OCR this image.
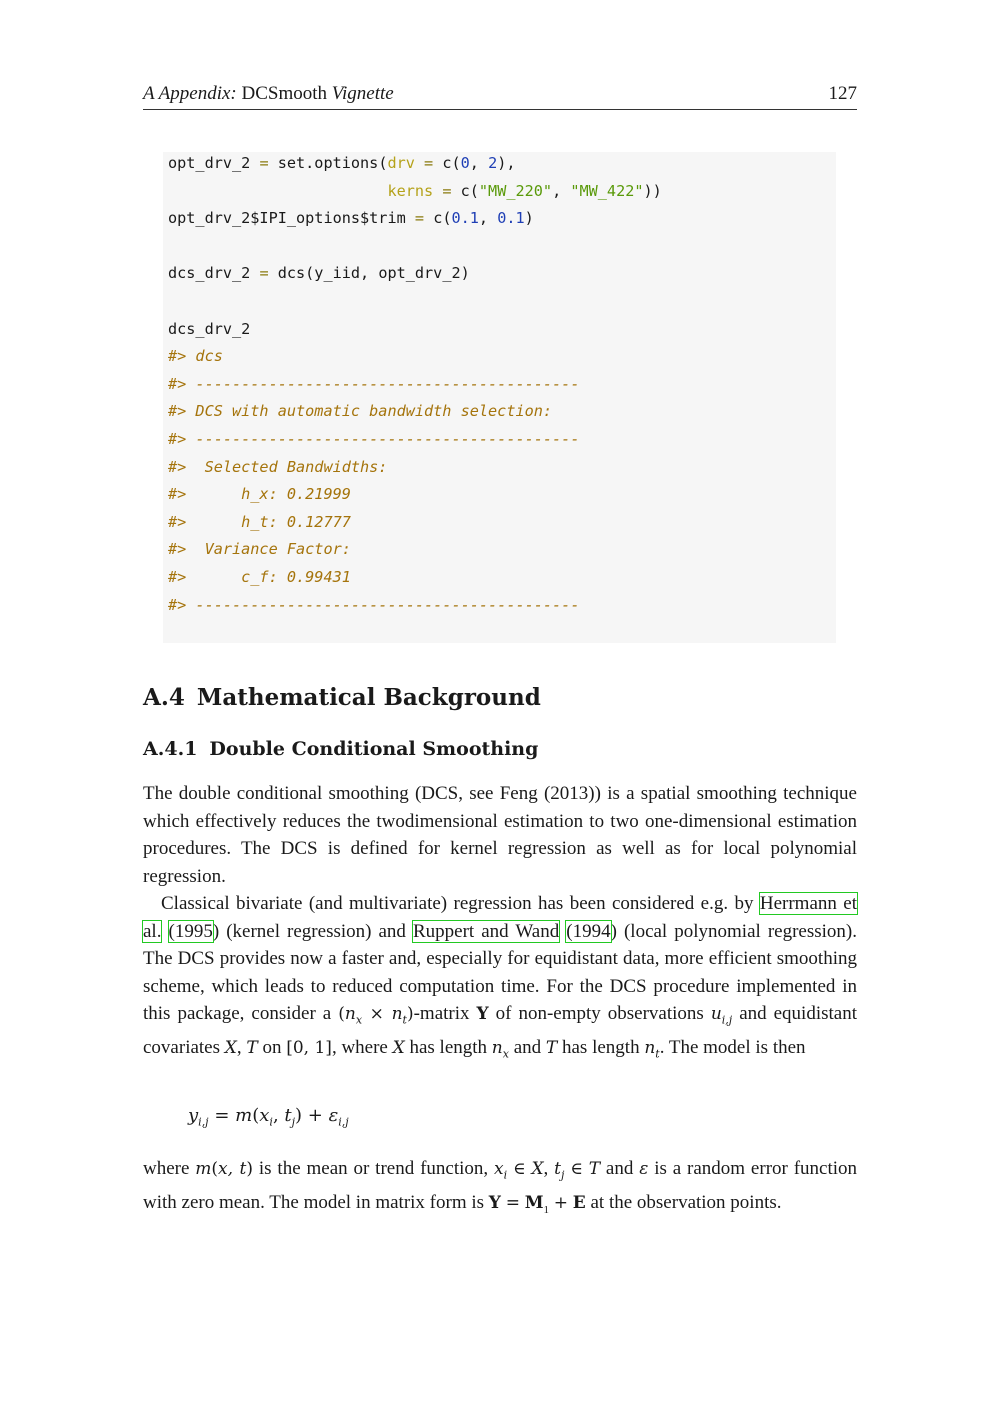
A Appendix: DCSmooth Vignette	127
opt_drv_2 = set.options(drv = c(0, 2),
kerns = c("MW_220", "MW_422"))
opt_drv_2$IPI_options$trim = c(0.1, 0.1)
dcs_drv_2 = dcs(y_iid, opt_drv_2)
dcs_drv_2
#> dcs
#> ------------------------------------------
#> DCS with automatic bandwidth selection:
#> ------------------------------------------
#>  Selected Bandwidths:
#>      h_x: 0.21999
#>      h_t: 0.12777
#>  Variance Factor:
#>      c_f: 0.99431
#> ------------------------------------------
A.4 Mathematical Background
A.4.1 Double Conditional Smoothing

The double conditional smoothing (DCS, see Feng (2013)) is a spatial smoothing technique which effectively reduces the twodimensional estimation to two one-dimensional estimation procedures. The DCS is defined for kernel regression as well as for local polynomial regression.

Classical bivariate (and multivariate) regression has been considered e.g. by Herrmann et al. (1995) (kernel regression) and Ruppert and Wand (1994) (local polynomial regression). The DCS provides now a faster and, especially for equidistant data, more efficient smoothing scheme, which leads to reduced computation time. For the DCS procedure implemented in this package, consider a ($n_x$ × $n_t$)-matrix Y of non-empty observations $u_{i,j}$ and equidistant covariates X, T on [0, 1], where X has length $n_x$ and T has length $n_t$. The model is then

$y_{i,j} = m(x_i$, $t_j) + \varepsilon_{i,j}$

where m(x, t) is the mean or trend function, $x_i$ ∈ X, $t_j$ ∈ T and ε is a random error function with zero mean. The model in matrix form is $Y = M_1 + E$ at the observation points.
